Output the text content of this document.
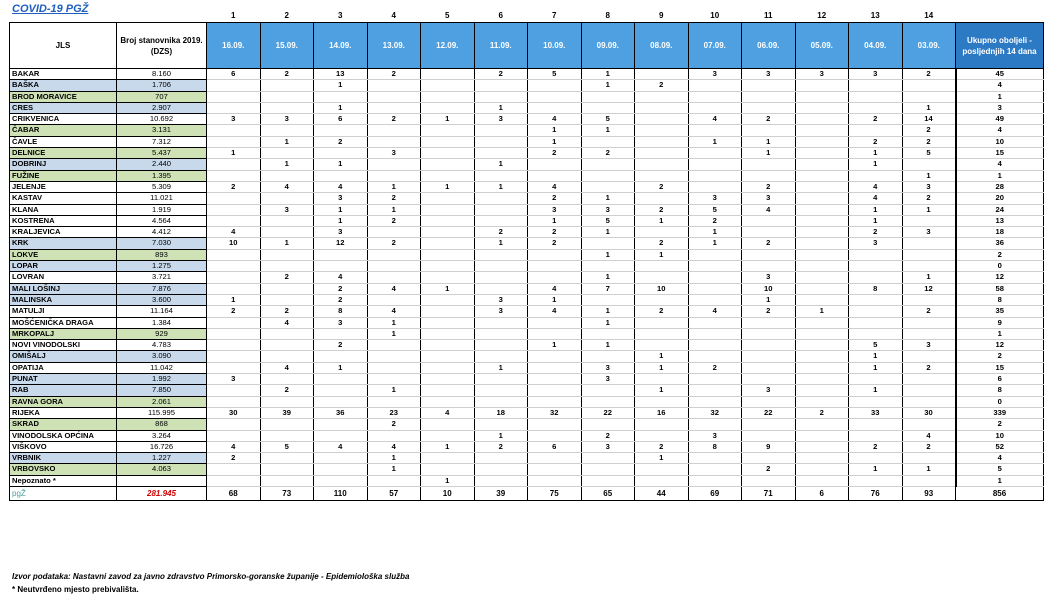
COVID-19 PGŽ
		1	2	3	4	5	6	7	8	9	10	11	12	13	14	
JLS	Broj stanovnika 2019. (DZS)	16.09.	15.09.	14.09.	13.09.	12.09.	11.09.	10.09.	09.09.	08.09.	07.09.	06.09.	05.09.	04.09.	03.09.	Ukupno oboljeli - posljednjih 14 dana
BAKAR	8.160	6	2	13	2		2	5	1		3	3	3	3	2	45
BAŠKA	1.706			1					1	2						4
BROD MORAVICE	707															1
CRES	2.907			1			1								1	3
CRIKVENICA	10.692	3	3	6	2	1	3	4	5		4	2		2	14	49
ČABAR	3.131							1	1						2	4
ČAVLE	7.312		1	2				1			1	1		2	2	10
DELNICE	5.437	1			3			2	2			1		1	5	15
DOBRINJ	2.440		1	1			1							1		4
FUŽINE	1.395														1	1
JELENJE	5.309	2	4	4	1	1	1	4		2		2		4	3	28
KASTAV	11.021			3	2			2	1		3	3		4	2	20
KLANA	1.919		3	1	1			3	3	2	5	4		1	1	24
KOSTRENA	4.564			1	2			1	5	1	2			1		13
KRALJEVICA	4.412	4		3			2	2	1		1			2	3	18
KRK	7.030	10	1	12	2		1	2		2	1	2		3		36
LOKVE	893								1	1						2
LOPAR	1.275															0
LOVRAN	3.721		2	4					1			3			1	12
MALI LOŠINJ	7.876			2	4	1		4	7	10		10		8	12	58
MALINSKA	3.600	1		2			3	1				1				8
MATULJI	11.164	2	2	8	4		3	4	1	2	4	2	1		2	35
MOŠĆENIČKA DRAGA	1.384		4	3	1				1							9
MRKOPALJ	929				1											1
NOVI VINODOLSKI	4.783			2				1	1					5	3	12
OMIŠALJ	3.090									1				1		2
OPATIJA	11.042		4	1			1		3	1	2			1	2	15
PUNAT	1.992	3							3							6
RAB	7.850		2		1					1		3		1		8
RAVNA GORA	2.061															0
RIJEKA	115.995	30	39	36	23	4	18	32	22	16	32	22	2	33	30	339
SKRAD	868				2											2
VINODOLSKA OPĆINA	3.264						1		2		3				4	10
VIŠKOVO	16.726	4	5	4	4	1	2	6	3	2	8	9		2	2	52
VRBNIK	1.227	2			1					1						4
VRBOVSKO	4.063				1							2		1	1	5
Nepoznato *						1										1
pgŽ	281.945	68	73	110	57	10	39	75	65	44	69	71	6	76	93	856
Izvor podataka: Nastavni zavod za javno zdravstvo Primorsko-goranske županije - Epidemiološka služba
* Neutvrđeno mjesto prebivališta.
